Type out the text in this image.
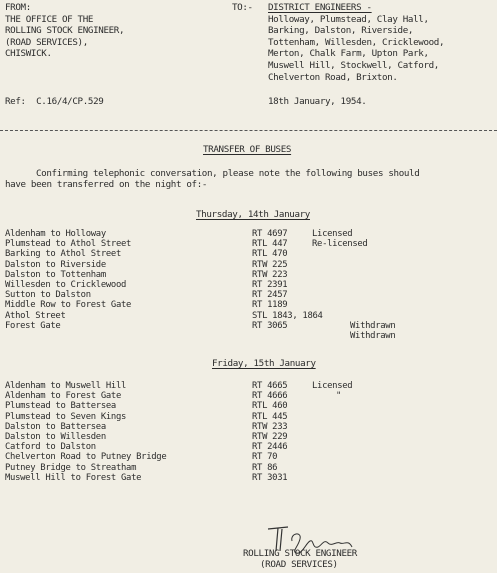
FROM:
THE OFFICE OF THE
ROLLING STOCK ENGINEER,
(ROAD SERVICES),
CHISWICK.
TO:- DISTRICT ENGINEERS -
Holloway, Plumstead, Clay Hall,
Barking, Dalston, Riverside,
Tottenham, Willesden, Cricklewood,
Merton, Chalk Farm, Upton Park,
Muswell Hill, Stockwell, Catford,
Chelverton Road, Brixton.
Ref:  C.16/4/CP.529	18th January, 1954.
TRANSFER OF BUSES
Confirming telephonic conversation, please note the following buses should
have been transferred on the night of:-
Thursday, 14th January
Aldenham to Holloway
Plumstead to Athol Street
Barking to Athol Street
Dalston to Riverside
Dalston to Tottenham
Willesden to Cricklewood
Sutton to Dalston
Middle Row to Forest Gate
Athol Street
Forest Gate
RT 4697
RTL 447
RTL 470
RTW 225
RTW 223
RT 2391
RT 2457
RT 1189
STL 1843, 1864
RT 3065
Licensed
Re-licensed
Withdrawn
Withdrawn
Friday, 15th January
Aldenham to Muswell Hill
Aldenham to Forest Gate
Plumstead to Battersea
Plumstead to Seven Kings
Dalston to Battersea
Dalston to Willesden
Catford to Dalston
Chelverton Road to Putney Bridge
Putney Bridge to Streatham
Muswell Hill to Forest Gate
RT 4665
RT 4666
RTL 460
RTL 445
RTW 233
RTW 229
RT 2446
RT 70
RT 86
RT 3031
Licensed
"
ROLLING STOCK ENGINEER
(ROAD SERVICES)
